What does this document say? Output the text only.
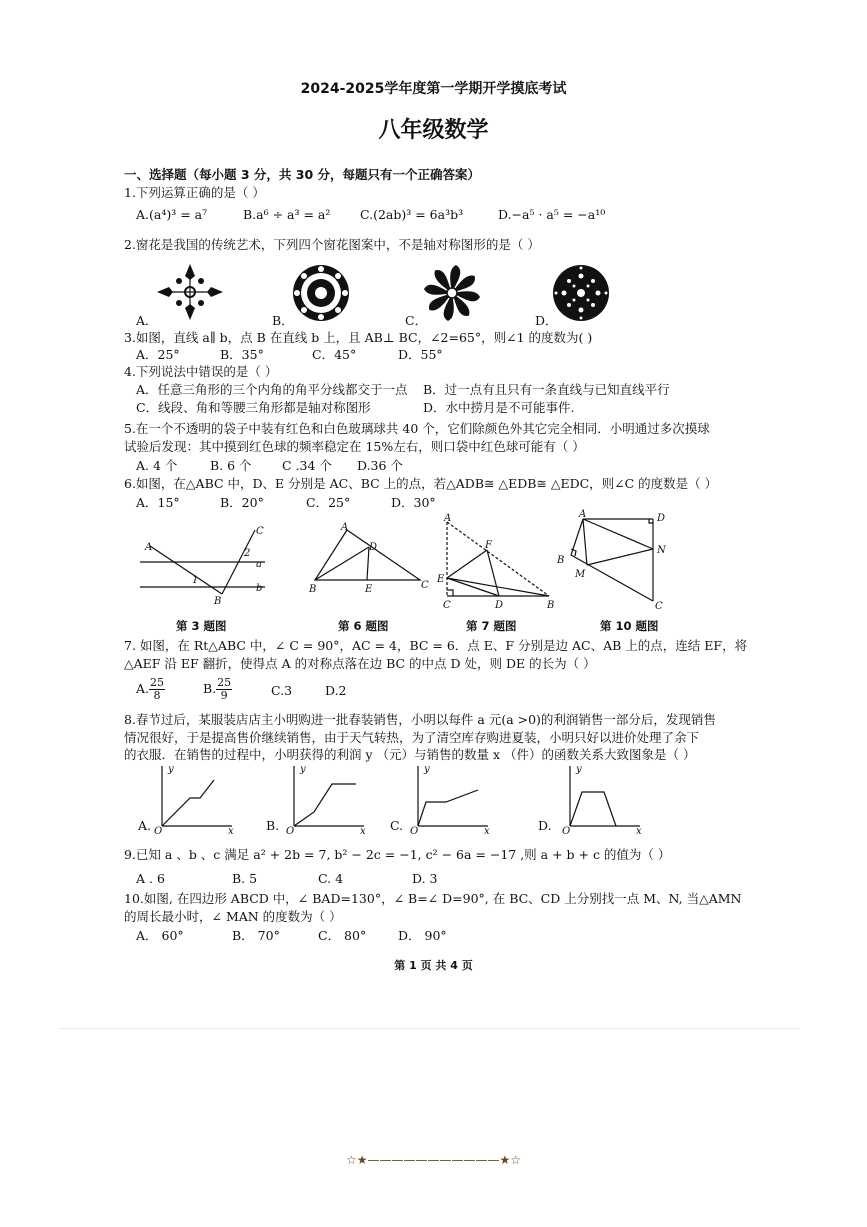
2024-2025学年度第一学期开学摸底考试
八年级数学
一、选择题（每小题 3 分，共 30 分，每题只有一个正确答案）
1.下列运算正确的是（ ）
A.(a⁴)³ = a⁷	B.a⁶ ÷ a³ = a² C.(2ab)³ = 6a³b³	D.−a⁵ · a⁵ = −a¹⁰
2.窗花是我国的传统艺术，下列四个窗花图案中，不是轴对称图形的是（ ）
A．	B．	C．	D．
3.如图，直线 a∥ b，点 B 在直线 b 上，且 AB⊥ BC，∠2=65°，则∠1 的度数为( )
A．25°	B．35°	C．45°	D．55°
4.下列说法中错误的是（ ）
A．任意三角形的三个内角的角平分线都交于一点 B．过一点有且只有一条直线与已知直线平行
C．线段、角和等腰三角形都是轴对称图形	D．水中捞月是不可能事件.
5.在一个不透明的袋子中装有红色和白色玻璃球共 40 个，它们除颜色外其它完全相同．小明通过多次摸球
试验后发现：其中摸到红色球的频率稳定在 15%左右，则口袋中红色球可能有（ ）
A. 4 个	B. 6 个 C .34 个 D.36 个
6.如图，在△ABC 中，D、E 分别是 AC、BC 上的点，若△ADB≅ △EDB≅ △EDC，则∠C 的度数是（ ）
A．15°	B．20°	C．25°	D．30°
A
C
2
a
b
1
B
A
D
B	E	C
A
F
E
C	D	B
A	D
B
N
M
C
第 3 题图	第 6 题图	第 7 题图	第 10 题图
7. 如图，在 Rt△ABC 中，∠ C = 90°，AC = 4，BC = 6．点 E、F 分别是边 AC、AB 上的点，连结 EF，将
△AEF 沿 EF 翻折，使得点 A 的对称点落在边 BC 的中点 D 处，则 DE 的长为（ ）
A. $\frac{25}{8}$	B. $\frac{25}{9}$	C.3	D.2
8.春节过后，某服装店店主小明购进一批春装销售，小明以每件 a 元(a >0)的利润销售一部分后，发现销售
情况很好，于是提高售价继续销售，由于天气转热，为了清空库存购进夏装，小明只好以进价处理了余下
的衣服．在销售的过程中，小明获得的利润 y （元）与销售的数量 x （件）的函数关系大致图象是（ ）
y
x
O
y
x
O
y
x
O
y
x
O
A.	B.	C.	D.
9.已知 a 、b 、c 满足 a² + 2b = 7, b² − 2c = −1, c² − 6a = −17 ,则 a + b + c 的值为（ ）
A . 6	B. 5	C. 4	D. 3
10.如图, 在四边形 ABCD 中，∠ BAD=130°，∠ B=∠ D=90°, 在 BC、CD 上分别找一点 M、N, 当△AMN
的周长最小时，∠ MAN 的度数为（ ）
A． 60°	B． 70°	C． 80°	D． 90°
第 1 页 共 4 页
☆★———————————★☆
